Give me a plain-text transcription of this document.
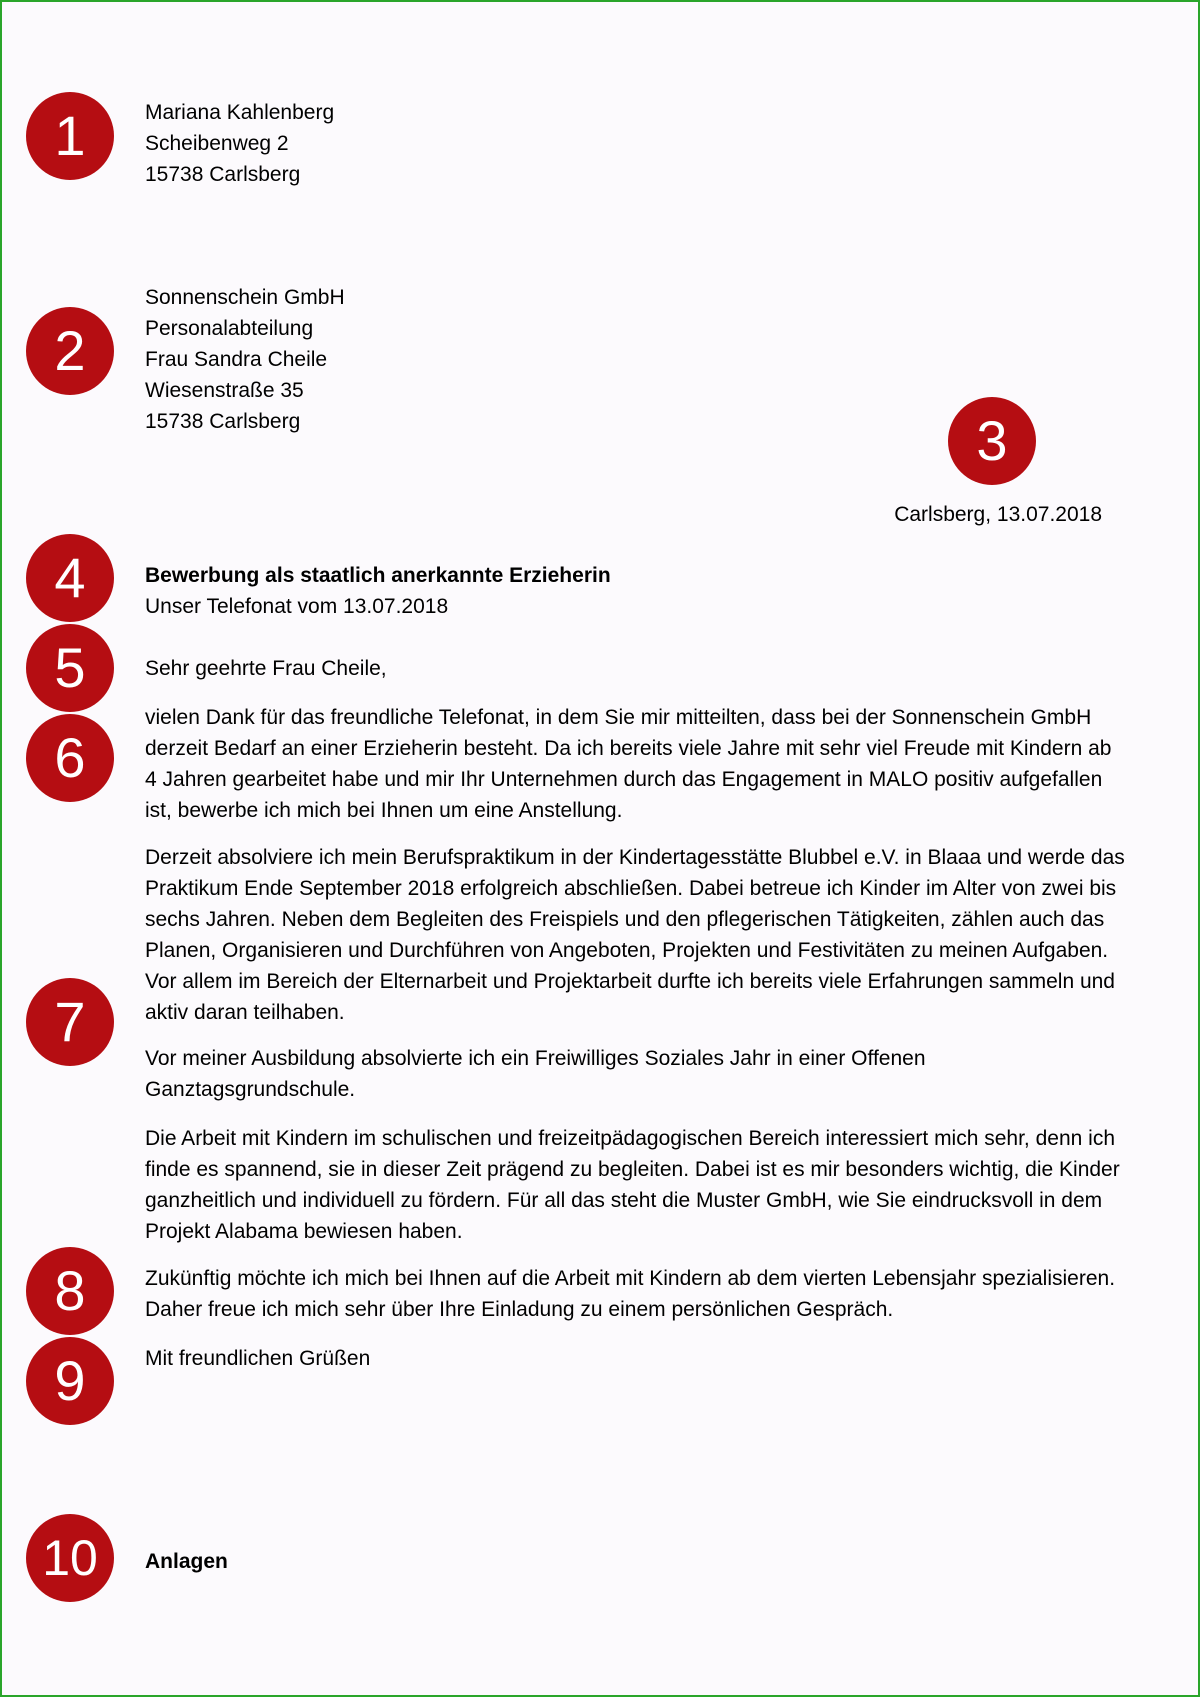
1
2
3
4
5
6
7
8
9
10
Mariana Kahlenberg
Scheibenweg 2
15738 Carlsberg
Sonnenschein GmbH
Personalabteilung
Frau Sandra Cheile
Wiesenstraße 35
15738 Carlsberg
Carlsberg, 13.07.2018
Bewerbung als staatlich anerkannte Erzieherin
Unser Telefonat vom 13.07.2018
Sehr geehrte Frau Cheile,
vielen Dank für das freundliche Telefonat, in dem Sie mir mitteilten, dass bei der Sonnenschein GmbH derzeit Bedarf an einer Erzieherin besteht. Da ich bereits viele Jahre mit sehr viel Freude mit Kindern ab 4 Jahren gearbeitet habe und mir Ihr Unternehmen durch das Engagement in MALO positiv aufgefallen ist, bewerbe ich mich bei Ihnen um eine Anstellung.
Derzeit absolviere ich mein Berufspraktikum in der Kindertagesstätte Blubbel e.V. in Blaaa und werde das Praktikum Ende September 2018 erfolgreich abschließen. Dabei betreue ich Kinder im Alter von zwei bis sechs Jahren. Neben dem Begleiten des Freispiels und den pflegerischen Tätigkeiten, zählen auch das Planen, Organisieren und Durchführen von Angeboten, Projekten und Festivitäten zu meinen Aufgaben. Vor allem im Bereich der Elternarbeit und Projektarbeit durfte ich bereits viele Erfahrungen sammeln und aktiv daran teilhaben.
Vor meiner Ausbildung absolvierte ich ein Freiwilliges Soziales Jahr in einer Offenen Ganztagsgrundschule.
Die Arbeit mit Kindern im schulischen und freizeitpädagogischen Bereich interessiert mich sehr, denn ich finde es spannend, sie in dieser Zeit prägend zu begleiten. Dabei ist es mir besonders wichtig, die Kinder ganzheitlich und individuell zu fördern. Für all das steht die Muster GmbH, wie Sie eindrucksvoll in dem Projekt Alabama bewiesen haben.
Zukünftig möchte ich mich bei Ihnen auf die Arbeit mit Kindern ab dem vierten Lebensjahr spezialisieren. Daher freue ich mich sehr über Ihre Einladung zu einem persönlichen Gespräch.
Mit freundlichen Grüßen
Anlagen
